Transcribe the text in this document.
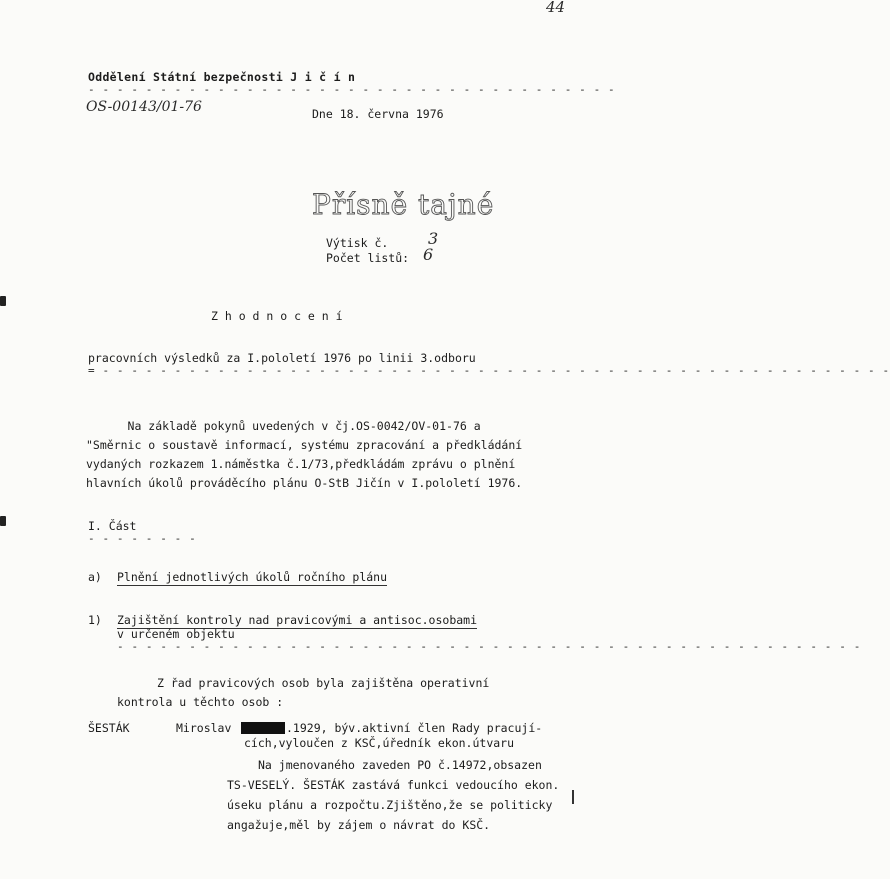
44
Oddělení Státní bezpečnosti J i č í n
- - - - - - - - - - - - - - - - - - - - - - - - - - - - - - - - - - - - -
OS-00143/01-76	Dne 18. června 1976
Přísně tajné
Výtisk č. 3
Počet listů: 6
Z h o d n o c e n í
pracovních výsledků za I.pololetí 1976 po linii 3.odboru
= - - - - - - - - - - - - - - - - - - - - - - - - - - - - - - - - - - - - - - - - - - - - - - - - - - - - - - -
Na základě pokynů uvedených v čj.OS-0042/OV-01-76 a
"Směrnic o soustavě informací, systému zpracování a předkládání
vydaných rozkazem 1.náměstka č.1/73,předkládám zprávu o plnění
hlavních úkolů prováděcího plánu O-StB Jičín v I.pololetí 1976.
I. Část
- - - - - - - -
a) Plnění jednotlivých úkolů ročního plánu
1) Zajištění kontroly nad pravicovými a antisoc.osobami
v určeném objektu
- - - - - - - - - - - - - - - - - - - - - - - - - - - - - - - - - - - - - - - - - - - - - - - - - - - -
Z řad pravicových osob byla zajištěna operativní
kontrola u těchto osob :
ŠESTÁK	Miroslav	.1929, býv.aktivní člen Rady pracují-
cích,vyloučen z KSČ,úředník ekon.útvaru
Na jmenovaného zaveden PO č.14972,obsazen
TS-VESELÝ. ŠESTÁK zastává funkci vedoucího ekon.
úseku plánu a rozpočtu.Zjištěno,že se politicky
angažuje,měl by zájem o návrat do KSČ.
